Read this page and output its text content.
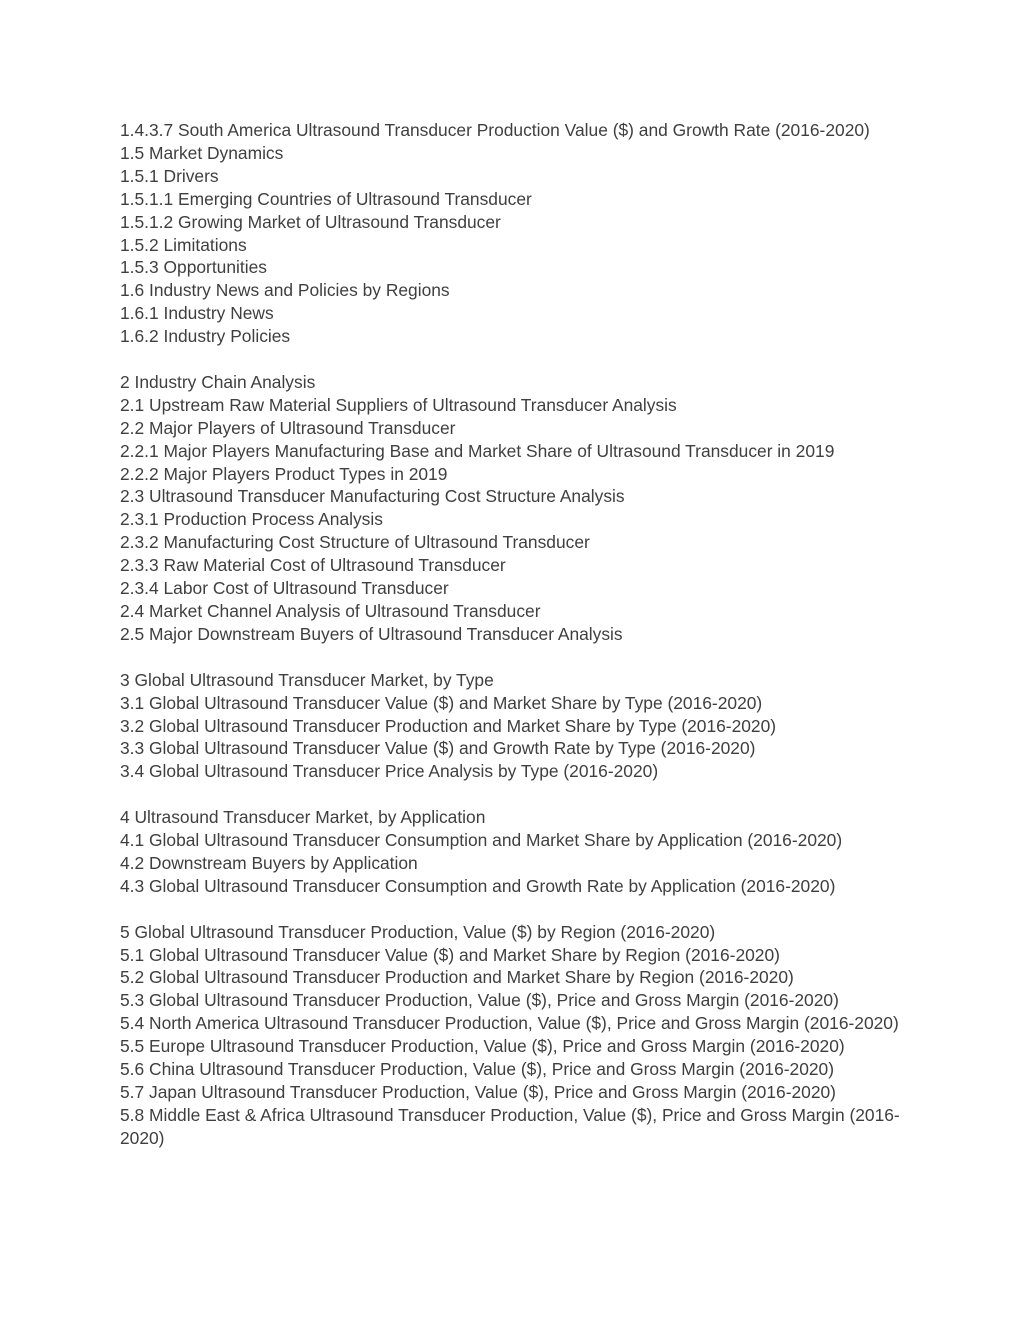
1.4.3.7 South America Ultrasound Transducer Production Value ($) and Growth Rate (2016-2020)
1.5 Market Dynamics
1.5.1 Drivers
1.5.1.1 Emerging Countries of Ultrasound Transducer
1.5.1.2 Growing Market of Ultrasound Transducer
1.5.2 Limitations
1.5.3 Opportunities
1.6 Industry News and Policies by Regions
1.6.1 Industry News
1.6.2 Industry Policies
2 Industry Chain Analysis
2.1 Upstream Raw Material Suppliers of Ultrasound Transducer Analysis
2.2 Major Players of Ultrasound Transducer
2.2.1 Major Players Manufacturing Base and Market Share of Ultrasound Transducer in 2019
2.2.2 Major Players Product Types in 2019
2.3 Ultrasound Transducer Manufacturing Cost Structure Analysis
2.3.1 Production Process Analysis
2.3.2 Manufacturing Cost Structure of Ultrasound Transducer
2.3.3 Raw Material Cost of Ultrasound Transducer
2.3.4 Labor Cost of Ultrasound Transducer
2.4 Market Channel Analysis of Ultrasound Transducer
2.5 Major Downstream Buyers of Ultrasound Transducer Analysis
3 Global Ultrasound Transducer Market, by Type
3.1 Global Ultrasound Transducer Value ($) and Market Share by Type (2016-2020)
3.2 Global Ultrasound Transducer Production and Market Share by Type (2016-2020)
3.3 Global Ultrasound Transducer Value ($) and Growth Rate by Type (2016-2020)
3.4 Global Ultrasound Transducer Price Analysis by Type (2016-2020)
4 Ultrasound Transducer Market, by Application
4.1 Global Ultrasound Transducer Consumption and Market Share by Application (2016-2020)
4.2 Downstream Buyers by Application
4.3 Global Ultrasound Transducer Consumption and Growth Rate by Application (2016-2020)
5 Global Ultrasound Transducer Production, Value ($) by Region (2016-2020)
5.1 Global Ultrasound Transducer Value ($) and Market Share by Region (2016-2020)
5.2 Global Ultrasound Transducer Production and Market Share by Region (2016-2020)
5.3 Global Ultrasound Transducer Production, Value ($), Price and Gross Margin (2016-2020)
5.4 North America Ultrasound Transducer Production, Value ($), Price and Gross Margin (2016-2020)
5.5 Europe Ultrasound Transducer Production, Value ($), Price and Gross Margin (2016-2020)
5.6 China Ultrasound Transducer Production, Value ($), Price and Gross Margin (2016-2020)
5.7 Japan Ultrasound Transducer Production, Value ($), Price and Gross Margin (2016-2020)
5.8 Middle East & Africa Ultrasound Transducer Production, Value ($), Price and Gross Margin (2016-2020)
